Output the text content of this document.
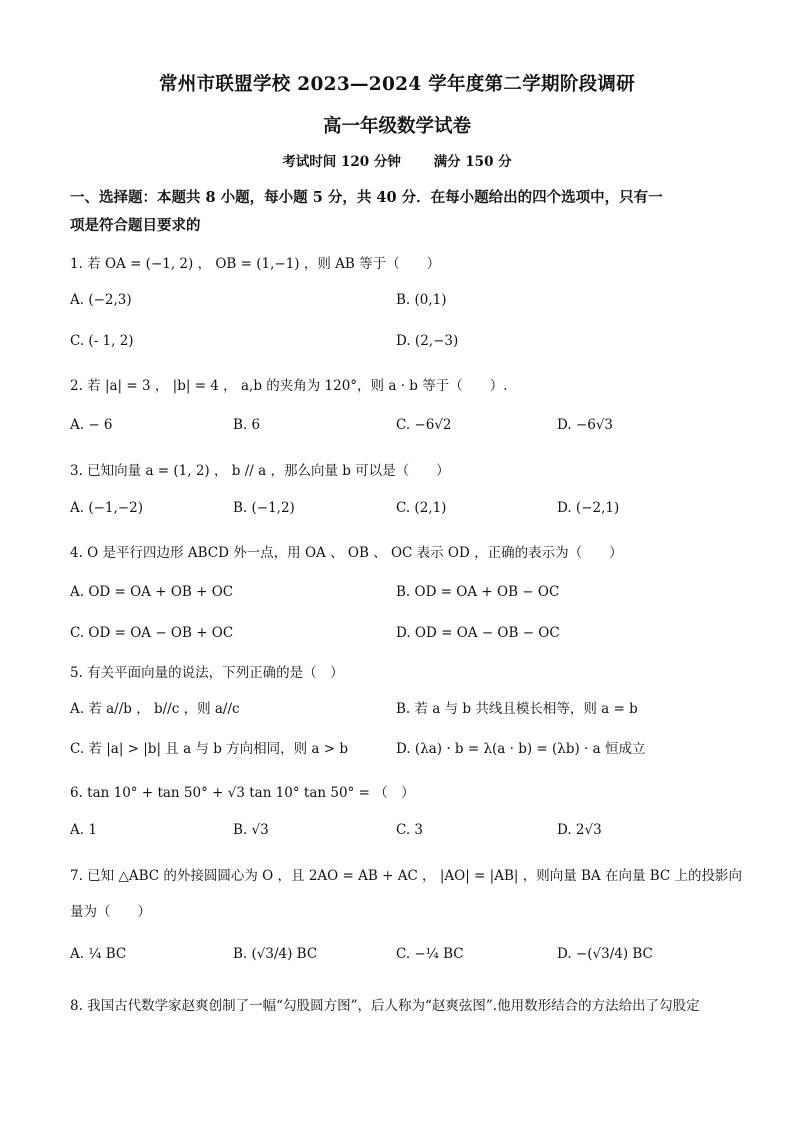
常州市联盟学校 2023—2024 学年度第二学期阶段调研
高一年级数学试卷
考试时间 120 分钟 满分 150 分
一、选择题：本题共 8 小题，每小题 5 分，共 40 分．在每小题给出的四个选项中，只有一
项是符合题目要求的
1. 若 OA = (−1, 2) ， OB = (1,−1) ，则 AB 等于（　　）
A. (−2,3)	B. (0,1)
C. (- 1, 2)	D. (2,−3)
2. 若 |a| = 3 ， |b| = 4 ， a,b 的夹角为 120°，则 a · b 等于（　　）.
A. − 6	B. 6	C. −6√2	D. −6√3
3. 已知向量 a = (1, 2) ， b // a ，那么向量 b 可以是（　　）
A. (−1,−2)	B. (−1,2)	C. (2,1)	D. (−2,1)
4. O 是平行四边形 ABCD 外一点，用 OA 、 OB 、 OC 表示 OD ，正确的表示为（　　）
A. OD = OA + OB + OC	B. OD = OA + OB − OC
C. OD = OA − OB + OC	D. OD = OA − OB − OC
5. 有关平面向量的说法，下列正确的是（　）
A. 若 a//b ， b//c ，则 a//c	B. 若 a 与 b 共线且模长相等，则 a = b
C. 若 |a| > |b| 且 a 与 b 方向相同，则 a > b	D. (λa) · b = λ(a · b) = (λb) · a 恒成立
6. tan 10° + tan 50° + √3 tan 10° tan 50° = （　）
A. 1	B. √3	C. 3	D. 2√3
7. 已知 △ABC 的外接圆圆心为 O ，且 2AO = AB + AC ， |AO| = |AB| ，则向量 BA 在向量 BC 上的投影向
量为（　　）
A. ¼ BC	B. (√3/4) BC	C. −¼ BC	D. −(√3/4) BC
8. 我国古代数学家赵爽创制了一幅“勾股圆方图”，后人称为“赵爽弦图”.他用数形结合的方法给出了勾股定
